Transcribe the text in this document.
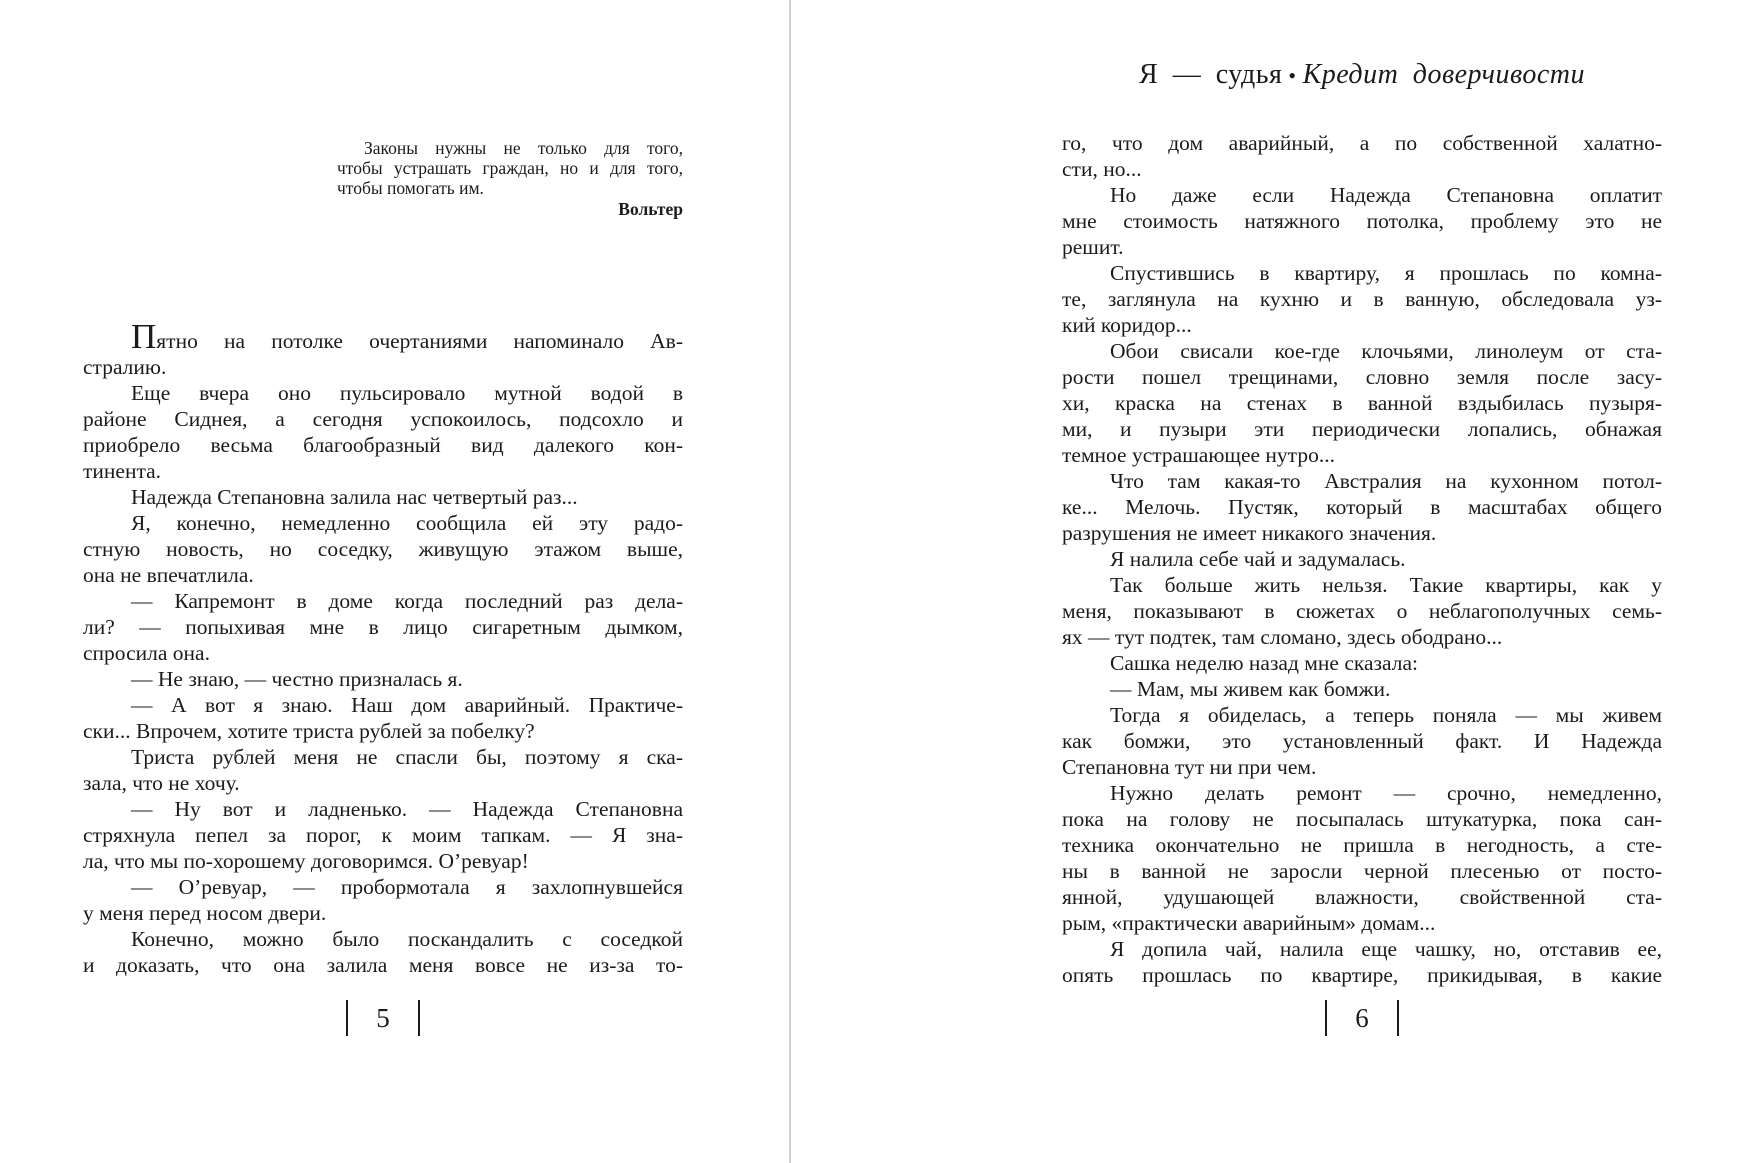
Законы нужны не только для того,
чтобы устрашать граждан, но и для того,
чтобы помогать им.
Вольтер
Пятно на потолке очертаниями напоминало Ав-
стралию.
Еще вчера оно пульсировало мутной водой в
районе Сиднея, а сегодня успокоилось, подсохло и
приобрело весьма благообразный вид далекого кон-
тинента.
Надежда Степановна залила нас четвертый раз...
Я, конечно, немедленно сообщила ей эту радо-
стную новость, но соседку, живущую этажом выше,
она не впечатлила.
— Капремонт в доме когда последний раз дела-
ли? — попыхивая мне в лицо сигаретным дымком,
спросила она.
— Не знаю, — честно призналась я.
— А вот я знаю. Наш дом аварийный. Практиче-
ски... Впрочем, хотите триста рублей за побелку?
Триста рублей меня не спасли бы, поэтому я ска-
зала, что не хочу.
— Ну вот и ладненько. — Надежда Степановна
стряхнула пепел за порог, к моим тапкам. — Я зна-
ла, что мы по-хорошему договоримся. О’ревуар!
— О’ревуар, — пробормотала я захлопнувшейся
у меня перед носом двери.
Конечно, можно было поскандалить с соседкой
и доказать, что она залила меня вовсе не из-за то-
5
Я — судья • Кредит доверчивости
го, что дом аварийный, а по собственной халатно-
сти, но...
Но даже если Надежда Степановна оплатит
мне стоимость натяжного потолка, проблему это не
решит.
Спустившись в квартиру, я прошлась по комна-
те, заглянула на кухню и в ванную, обследовала уз-
кий коридор...
Обои свисали кое-где клочьями, линолеум от ста-
рости пошел трещинами, словно земля после засу-
хи, краска на стенах в ванной вздыбилась пузыря-
ми, и пузыри эти периодически лопались, обнажая
темное устрашающее нутро...
Что там какая-то Австралия на кухонном потол-
ке... Мелочь. Пустяк, который в масштабах общего
разрушения не имеет никакого значения.
Я налила себе чай и задумалась.
Так больше жить нельзя. Такие квартиры, как у
меня, показывают в сюжетах о неблагополучных семь-
ях — тут подтек, там сломано, здесь ободрано...
Сашка неделю назад мне сказала:
— Мам, мы живем как бомжи.
Тогда я обиделась, а теперь поняла — мы живем
как бомжи, это установленный факт. И Надежда
Степановна тут ни при чем.
Нужно делать ремонт — срочно, немедленно,
пока на голову не посыпалась штукатурка, пока сан-
техника окончательно не пришла в негодность, а сте-
ны в ванной не заросли черной плесенью от посто-
янной, удушающей влажности, свойственной ста-
рым, «практически аварийным» домам...
Я допила чай, налила еще чашку, но, отставив ее,
опять прошлась по квартире, прикидывая, в какие
6
